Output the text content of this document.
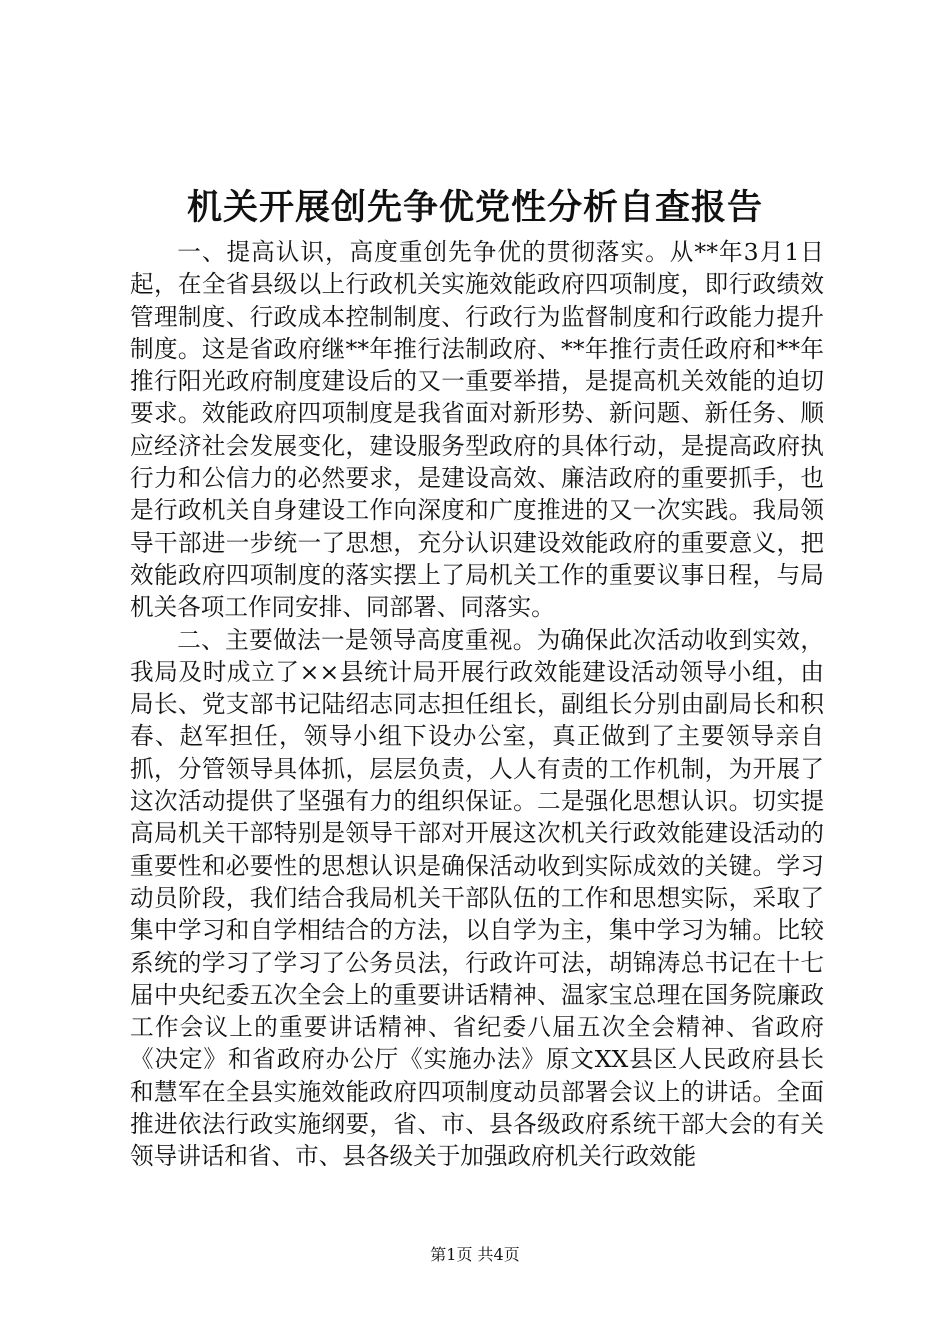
机关开展创先争优党性分析自查报告

一、提高认识，高度重创先争优的贯彻落实。从**年3月1日起，在全省县级以上行政机关实施效能政府四项制度，即行政绩效管理制度、行政成本控制制度、行政行为监督制度和行政能力提升制度。这是省政府继**年推行法制政府、**年推行责任政府和**年推行阳光政府制度建设后的又一重要举措，是提高机关效能的迫切要求。效能政府四项制度是我省面对新形势、新问题、新任务、顺应经济社会发展变化，建设服务型政府的具体行动，是提高政府执行力和公信力的必然要求，是建设高效、廉洁政府的重要抓手，也是行政机关自身建设工作向深度和广度推进的又一次实践。我局领导干部进一步统一了思想，充分认识建设效能政府的重要意义，把效能政府四项制度的落实摆上了局机关工作的重要议事日程，与局机关各项工作同安排、同部署、同落实。

二、主要做法一是领导高度重视。为确保此次活动收到实效，我局及时成立了××县统计局开展行政效能建设活动领导小组，由局长、党支部书记陆绍志同志担任组长，副组长分别由副局长和积春、赵军担任，领导小组下设办公室，真正做到了主要领导亲自抓，分管领导具体抓，层层负责，人人有责的工作机制，为开展了这次活动提供了坚强有力的组织保证。二是强化思想认识。切实提高局机关干部特别是领导干部对开展这次机关行政效能建设活动的重要性和必要性的思想认识是确保活动收到实际成效的关键。学习动员阶段，我们结合我局机关干部队伍的工作和思想实际，采取了集中学习和自学相结合的方法，以自学为主，集中学习为辅。比较系统的学习了学习了公务员法，行政许可法，胡锦涛总书记在十七届中央纪委五次全会上的重要讲话精神、温家宝总理在国务院廉政工作会议上的重要讲话精神、省纪委八届五次全会精神、省政府《决定》和省政府办公厅《实施办法》原文XX县区人民政府县长和慧军在全县实施效能政府四项制度动员部署会议上的讲话。全面推进依法行政实施纲要，省、市、县各级政府系统干部大会的有关领导讲话和省、市、县各级关于加强政府机关行政效能

第1页 共4页
